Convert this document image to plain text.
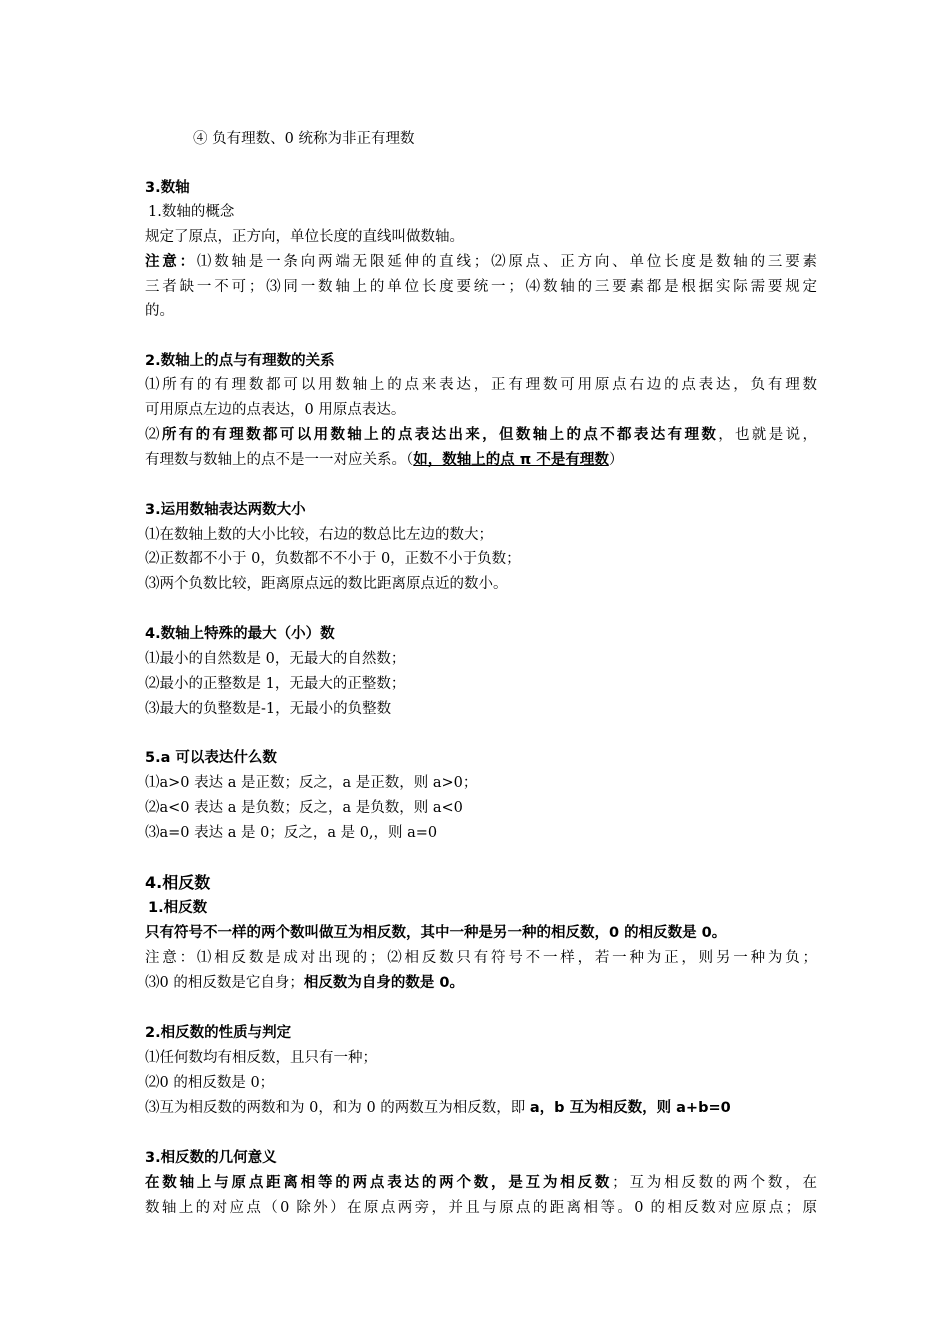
④ 负有理数、0 统称为非正有理数
3.数轴
1.数轴的概念
规定了原点，正方向，单位长度的直线叫做数轴。
注意：⑴数轴是一条向两端无限延伸的直线；⑵原点、正方向、单位长度是数轴的三要素
三者缺一不可；⑶同一数轴上的单位长度要统一；⑷数轴的三要素都是根据实际需要规定
的。
2.数轴上的点与有理数的关系
⑴所有的有理数都可以用数轴上的点来表达，正有理数可用原点右边的点表达，负有理数
可用原点左边的点表达，0 用原点表达。
⑵所有的有理数都可以用数轴上的点表达出来，但数轴上的点不都表达有理数，也就是说，
有理数与数轴上的点不是一一对应关系。（如，数轴上的点 π 不是有理数）
3.运用数轴表达两数大小
⑴在数轴上数的大小比较，右边的数总比左边的数大；
⑵正数都不小于 0，负数都不不小于 0，正数不小于负数；
⑶两个负数比较，距离原点远的数比距离原点近的数小。
4.数轴上特殊的最大（小）数
⑴最小的自然数是 0，无最大的自然数；
⑵最小的正整数是 1，无最大的正整数；
⑶最大的负整数是-1，无最小的负整数
5.a 可以表达什么数
⑴a>0 表达 a 是正数；反之，a 是正数，则 a>0；
⑵a<0 表达 a 是负数；反之，a 是负数，则 a<0
⑶a=0 表达 a 是 0；反之，a 是 0,，则 a=0
4.相反数
1.相反数
只有符号不一样的两个数叫做互为相反数，其中一种是另一种的相反数，0 的相反数是 0。
注意：⑴相反数是成对出现的；⑵相反数只有符号不一样，若一种为正，则另一种为负；
⑶0 的相反数是它自身；相反数为自身的数是 0。
2.相反数的性质与判定
⑴任何数均有相反数，且只有一种；
⑵0 的相反数是 0；
⑶互为相反数的两数和为 0，和为 0 的两数互为相反数，即 a，b 互为相反数，则 a+b=0
3.相反数的几何意义
在数轴上与原点距离相等的两点表达的两个数，是互为相反数；互为相反数的两个数，在
数轴上的对应点（0 除外）在原点两旁，并且与原点的距离相等。0 的相反数对应原点；原
